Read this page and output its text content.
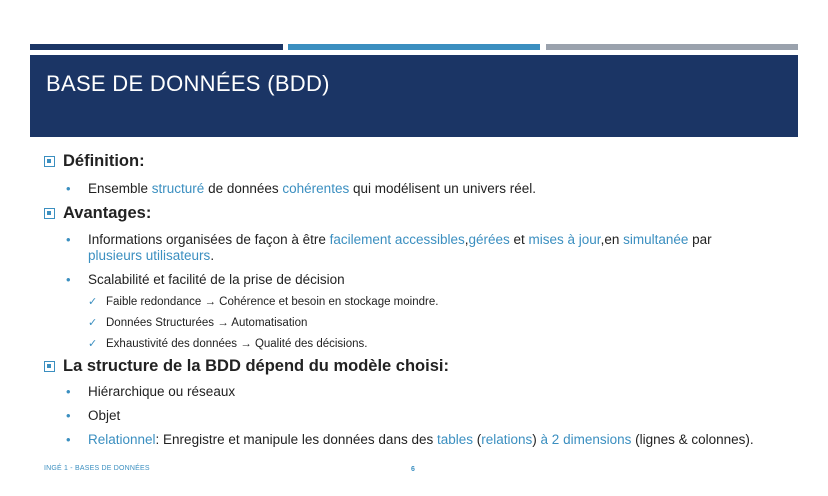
BASE DE DONNÉES (BDD)
Définition:
• Ensemble structuré de données cohérentes qui modélisent un univers réel.
Avantages:
• Informations organisées de façon à être facilement accessibles,gérées et mises à jour,en simultanée par
plusieurs utilisateurs.
• Scalabilité et facilité de la prise de décision
✓ Faible redondance → Cohérence et besoin en stockage moindre.
✓ Données Structurées → Automatisation
✓ Exhaustivité des données → Qualité des décisions.
La structure de la BDD dépend du modèle choisi:
• Hiérarchique ou réseaux
• Objet
• Relationnel: Enregistre et manipule les données dans des tables (relations) à 2 dimensions (lignes & colonnes).
INGÉ 1 - BASES DE DONNÉES	6
